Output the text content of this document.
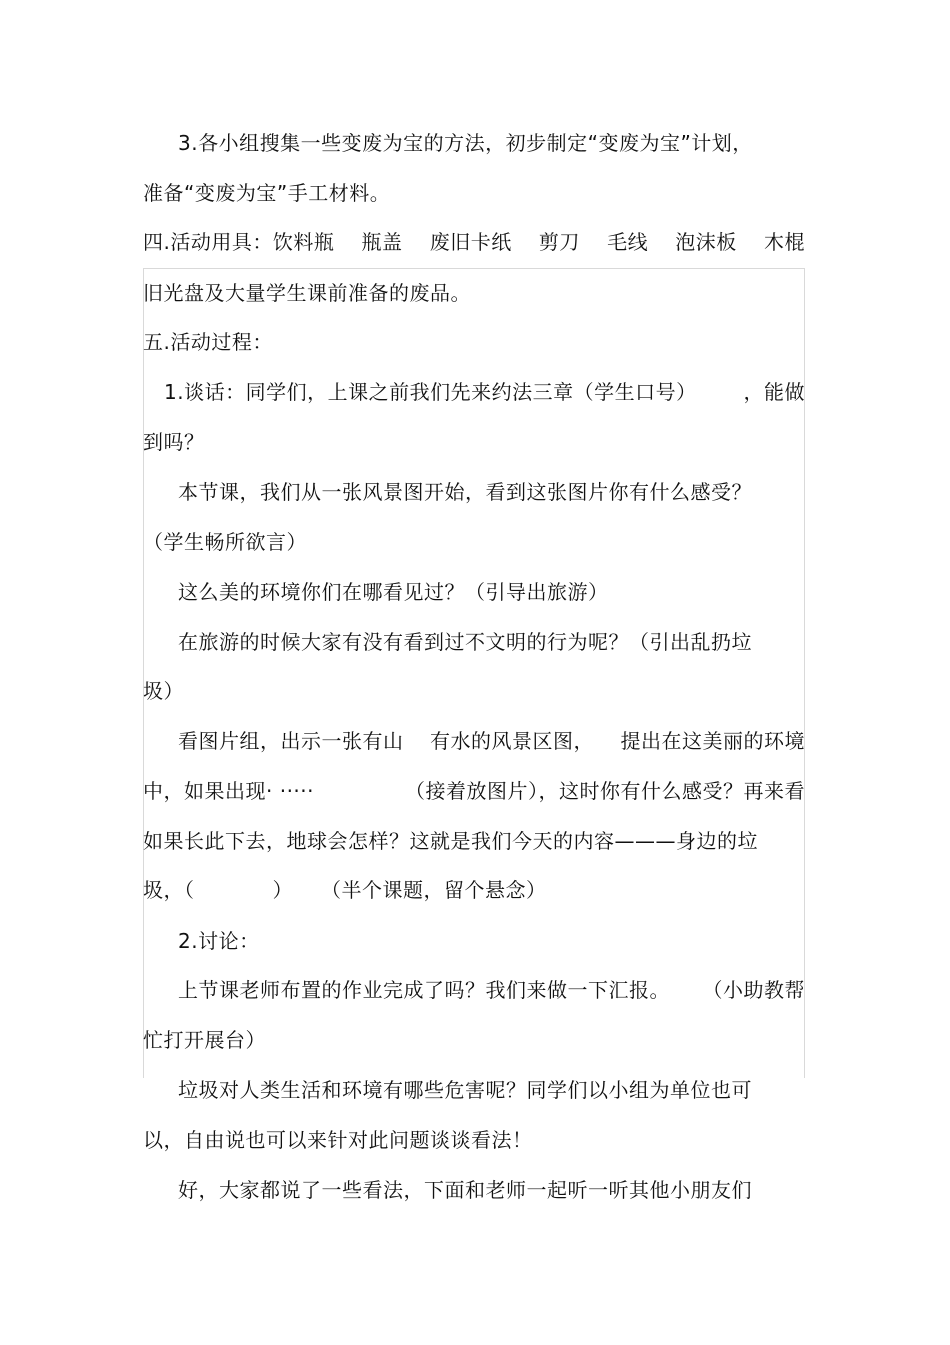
3.各小组搜集一些变废为宝的方法，初步制定“变废为宝”计划，
准备“变废为宝”手工材料。
四.活动用具：饮料瓶 瓶盖 废旧卡纸 剪刀 毛线 泡沫板 木棍
旧光盘及大量学生课前准备的废品。
五.活动过程：
1.谈话：同学们，上课之前我们先来约法三章（学生口号） ，能做
到吗？
本节课，我们从一张风景图开始，看到这张图片你有什么感受？
（学生畅所欲言）
这么美的环境你们在哪看见过？（引导出旅游）
在旅游的时候大家有没有看到过不文明的行为呢？（引出乱扔垃
圾）
看图片组，出示一张有山 有水的风景区图， 提出在这美丽的环境
中，如果出现· ·····	（接着放图片），这时你有什么感受？再来看
如果长此下去，地球会怎样？这就是我们今天的内容———身边的垃
圾，（	） （半个课题，留个悬念）
2.讨论：
上节课老师布置的作业完成了吗？我们来做一下汇报。 （小助教帮
忙打开展台）
垃圾对人类生活和环境有哪些危害呢？同学们以小组为单位也可
以，自由说也可以来针对此问题谈谈看法！
好，大家都说了一些看法，下面和老师一起听一听其他小朋友们
